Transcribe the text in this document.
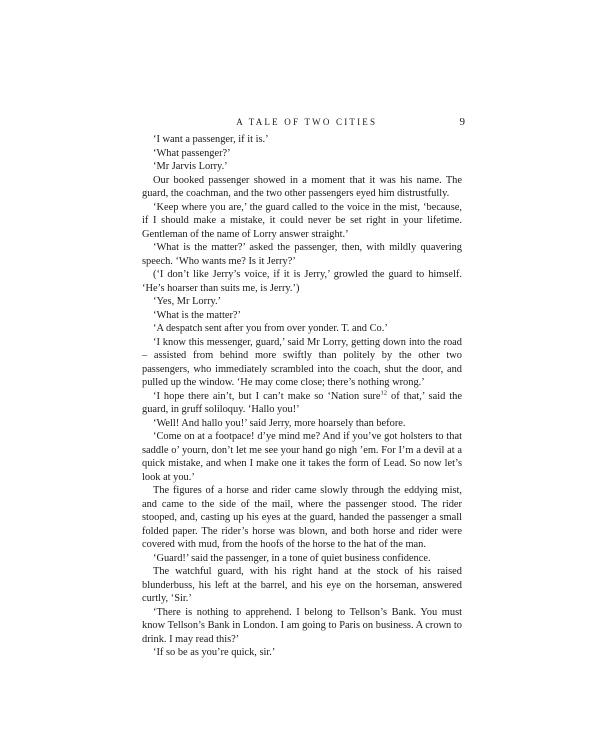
A TALE OF TWO CITIES	9

‘I want a passenger, if it is.’

‘What passenger?’

‘Mr Jarvis Lorry.’

Our booked passenger showed in a moment that it was his name. The guard, the coachman, and the two other passengers eyed him distrustfully.

‘Keep where you are,’ the guard called to the voice in the mist, ‘because, if I should make a mistake, it could never be set right in your lifetime. Gentleman of the name of Lorry answer straight.’

‘What is the matter?’ asked the passenger, then, with mildly quavering speech. ‘Who wants me? Is it Jerry?’

(‘I don’t like Jerry’s voice, if it is Jerry,’ growled the guard to himself. ‘He’s hoarser than suits me, is Jerry.’)

‘Yes, Mr Lorry.’

‘What is the matter?’

‘A despatch sent after you from over yonder. T. and Co.’

‘I know this messenger, guard,’ said Mr Lorry, getting down into the road – assisted from behind more swiftly than politely by the other two passengers, who immediately scrambled into the coach, shut the door, and pulled up the window. ‘He may come close; there’s nothing wrong.’

‘I hope there ain’t, but I can’t make so ‘Nation sure$^{12}$ of that,’ said the guard, in gruff soliloquy. ‘Hallo you!’

‘Well! And hallo you!’ said Jerry, more hoarsely than before.

‘Come on at a footpace! d’ye mind me? And if you’ve got holsters to that saddle o’ yourn, don’t let me see your hand go nigh ’em. For I’m a devil at a quick mistake, and when I make one it takes the form of Lead. So now let’s look at you.’

The figures of a horse and rider came slowly through the eddying mist, and came to the side of the mail, where the passenger stood. The rider stooped, and, casting up his eyes at the guard, handed the passenger a small folded paper. The rider’s horse was blown, and both horse and rider were covered with mud, from the hoofs of the horse to the hat of the man.

‘Guard!’ said the passenger, in a tone of quiet business confidence.

The watchful guard, with his right hand at the stock of his raised blunderbuss, his left at the barrel, and his eye on the horseman, answered curtly, ‘Sir.’

‘There is nothing to apprehend. I belong to Tellson’s Bank. You must know Tellson’s Bank in London. I am going to Paris on business. A crown to drink. I may read this?’

‘If so be as you’re quick, sir.’
